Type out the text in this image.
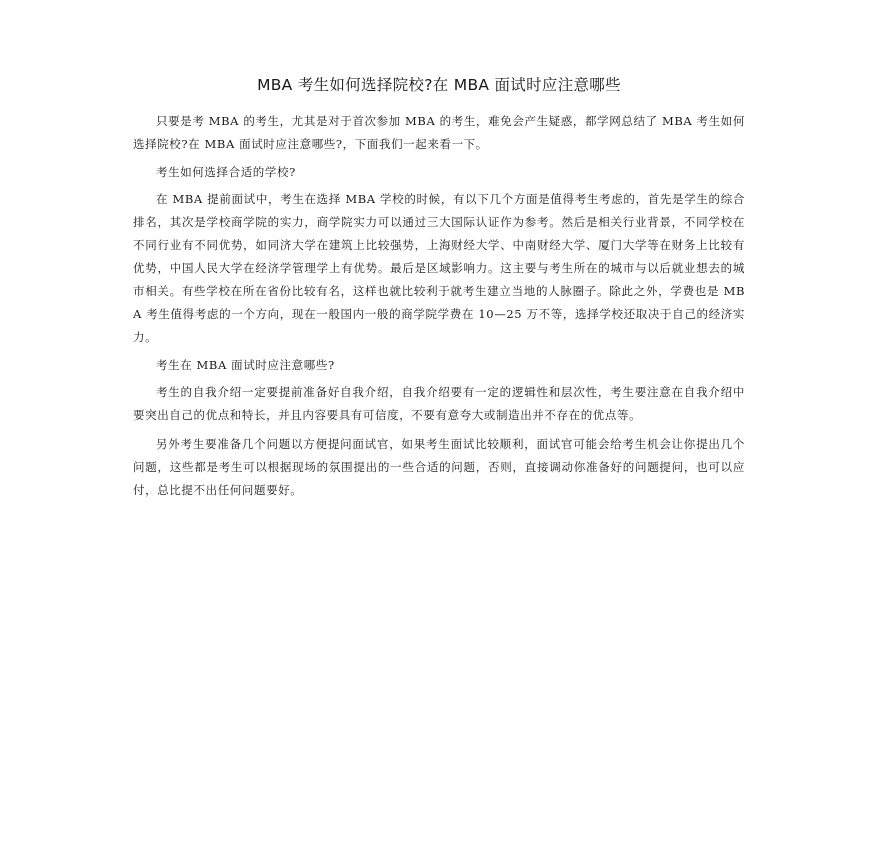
MBA 考生如何选择院校?在 MBA 面试时应注意哪些

只要是考 MBA 的考生，尤其是对于首次参加 MBA 的考生，难免会产生疑惑，都学网总结了 MBA 考生如何选择院校?在 MBA 面试时应注意哪些?，下面我们一起来看一下。

考生如何选择合适的学校?

在 MBA 提前面试中，考生在选择 MBA 学校的时候，有以下几个方面是值得考生考虑的，首先是学生的综合排名，其次是学校商学院的实力，商学院实力可以通过三大国际认证作为参考。然后是相关行业背景，不同学校在不同行业有不同优势，如同济大学在建筑上比较强势，上海财经大学、中南财经大学、厦门大学等在财务上比较有优势，中国人民大学在经济学管理学上有优势。最后是区域影响力。这主要与考生所在的城市与以后就业想去的城市相关。有些学校在所在省份比较有名，这样也就比较利于就考生建立当地的人脉圈子。除此之外，学费也是 MBA 考生值得考虑的一个方向，现在一般国内一般的商学院学费在 10—25 万不等，选择学校还取决于自己的经济实力。

考生在 MBA 面试时应注意哪些?

考生的自我介绍一定要提前准备好自我介绍，自我介绍要有一定的逻辑性和层次性，考生要注意在自我介绍中要突出自己的优点和特长，并且内容要具有可信度，不要有意夸大或制造出并不存在的优点等。

另外考生要准备几个问题以方便提问面试官，如果考生面试比较顺利，面试官可能会给考生机会让你提出几个问题，这些都是考生可以根据现场的氛围提出的一些合适的问题，否则，直接调动你准备好的问题提问，也可以应付，总比提不出任何问题要好。
